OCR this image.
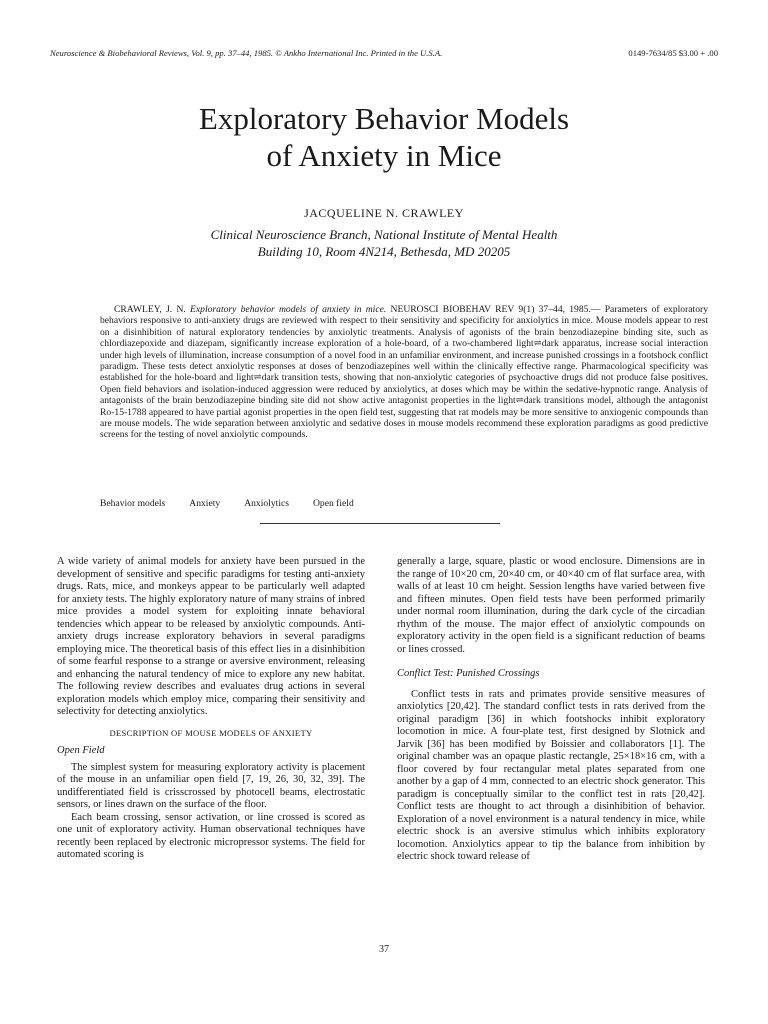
Neuroscience & Biobehavioral Reviews, Vol. 9, pp. 37–44, 1985. © Ankho International Inc. Printed in the U.S.A.	0149-7634/85 $3.00 + .00
Exploratory Behavior Models
of Anxiety in Mice
JACQUELINE N. CRAWLEY
Clinical Neuroscience Branch, National Institute of Mental Health
Building 10, Room 4N214, Bethesda, MD 20205

CRAWLEY, J. N. Exploratory behavior models of anxiety in mice. NEUROSCI BIOBEHAV REV 9(1) 37–44, 1985.— Parameters of exploratory behaviors responsive to anti-anxiety drugs are reviewed with respect to their sensitivity and specificity for anxiolytics in mice. Mouse models appear to rest on a disinhibition of natural exploratory tendencies by anxiolytic treatments. Analysis of agonists of the brain benzodiazepine binding site, such as chlordiazepoxide and diazepam, significantly increase exploration of a hole-board, of a two-chambered light⇌dark apparatus, increase social interaction under high levels of illumination, increase consumption of a novel food in an unfamiliar environment, and increase punished crossings in a footshock conflict paradigm. These tests detect anxiolytic responses at doses of benzodiazepines well within the clinically effective range. Pharmacological specificity was established for the hole-board and light⇌dark transition tests, showing that non-anxiolytic categories of psychoactive drugs did not produce false positives. Open field behaviors and isolation-induced aggression were reduced by anxiolytics, at doses which may be within the sedative-hypnotic range. Analysis of antagonists of the brain benzodiazepine binding site did not show active antagonist properties in the light⇌dark transitions model, although the antagonist Ro-15-1788 appeared to have partial agonist properties in the open field test, suggesting that rat models may be more sensitive to anxiogenic compounds than are mouse models. The wide separation between anxiolytic and sedative doses in mouse models recommend these exploration paradigms as good predictive screens for the testing of novel anxiolytic compounds.

Behavior models	Anxiety	Anxiolytics	Open field

A wide variety of animal models for anxiety have been pursued in the development of sensitive and specific paradigms for testing anti-anxiety drugs. Rats, mice, and monkeys appear to be particularly well adapted for anxiety tests. The highly exploratory nature of many strains of inbred mice provides a model system for exploiting innate behavioral tendencies which appear to be released by anxiolytic compounds. Anti-anxiety drugs increase exploratory behaviors in several paradigms employing mice. The theoretical basis of this effect lies in a disinhibition of some fearful response to a strange or aversive environment, releasing and enhancing the natural tendency of mice to explore any new habitat. The following review describes and evaluates drug actions in several exploration models which employ mice, comparing their sensitivity and selectivity for detecting anxiolytics.

DESCRIPTION OF MOUSE MODELS OF ANXIETY
Open Field

The simplest system for measuring exploratory activity is placement of the mouse in an unfamiliar open field [7, 19, 26, 30, 32, 39]. The undifferentiated field is crisscrossed by photocell beams, electrostatic sensors, or lines drawn on the surface of the floor.

Each beam crossing, sensor activation, or line crossed is scored as one unit of exploratory activity. Human observational techniques have recently been replaced by electronic micropressor systems. The field for automated scoring is

generally a large, square, plastic or wood enclosure. Dimensions are in the range of 10×20 cm, 20×40 cm, or 40×40 cm of flat surface area, with walls of at least 10 cm height. Session lengths have varied between five and fifteen minutes. Open field tests have been performed primarily under normal room illumination, during the dark cycle of the circadian rhythm of the mouse. The major effect of anxiolytic compounds on exploratory activity in the open field is a significant reduction of beams or lines crossed.

Conflict Test: Punished Crossings

Conflict tests in rats and primates provide sensitive measures of anxiolytics [20,42]. The standard conflict tests in rats derived from the original paradigm [36] in which footshocks inhibit exploratory locomotion in mice. A four-plate test, first designed by Slotnick and Jarvik [36] has been modified by Boissier and collaborators [1]. The original chamber was an opaque plastic rectangle, 25×18×16 cm, with a floor covered by four rectangular metal plates separated from one another by a gap of 4 mm, connected to an electric shock generator. This paradigm is conceptually similar to the conflict test in rats [20,42]. Conflict tests are thought to act through a disinhibition of behavior. Exploration of a novel environment is a natural tendency in mice, while electric shock is an aversive stimulus which inhibits exploratory locomotion. Anxiolytics appear to tip the balance from inhibition by electric shock toward release of

37
